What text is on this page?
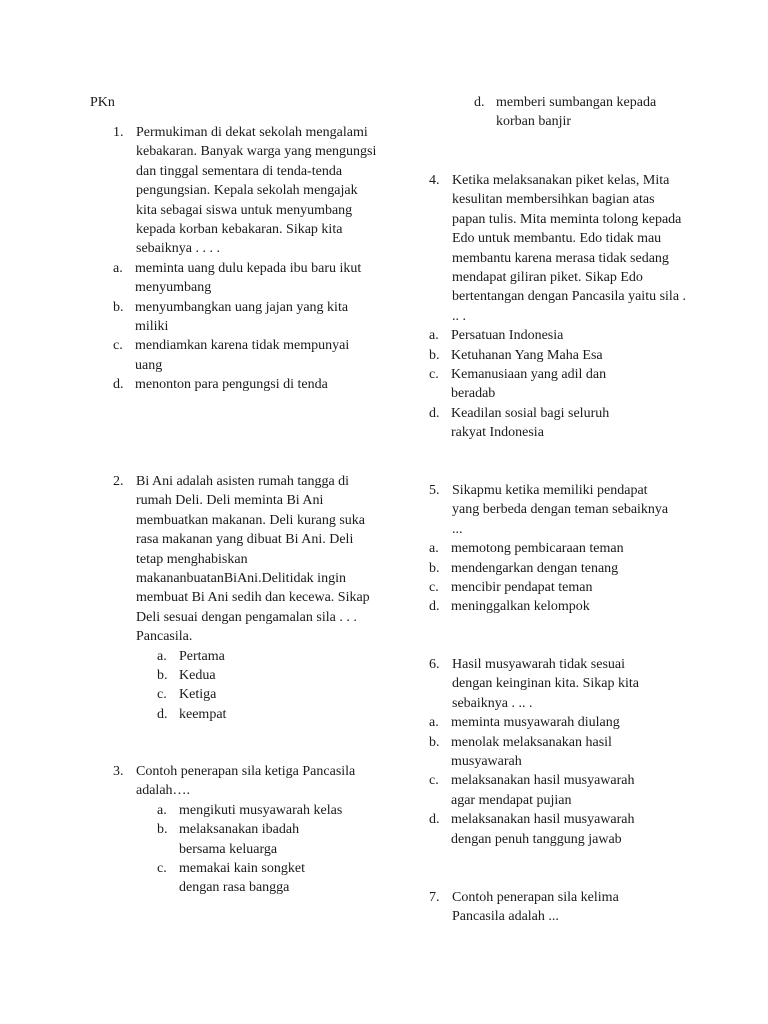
PKn
1. Permukiman di dekat sekolah mengalami kebakaran. Banyak warga yang mengungsi dan tinggal sementara di tenda-tenda pengungsian. Kepala sekolah mengajak kita sebagai siswa untuk menyumbang kepada korban kebakaran. Sikap kita sebaiknya . . . .
a. meminta uang dulu kepada ibu baru ikut menyumbang
b. menyumbangkan uang jajan yang kita miliki
c. mendiamkan karena tidak mempunyai uang
d. menonton para pengungsi di tenda
2. Bi Ani adalah asisten rumah tangga di rumah Deli. Deli meminta Bi Ani membuatkan makanan. Deli kurang suka rasa makanan yang dibuat Bi Ani. Deli tetap menghabiskan makananbuatanBiAni.Delitidak ingin membuat Bi Ani sedih dan kecewa. Sikap Deli sesuai dengan pengamalan sila . . . Pancasila.
a. Pertama
b. Kedua
c. Ketiga
d. keempat
3. Contoh penerapan sila ketiga Pancasila adalah….
a. mengikuti musyawarah kelas
b. melaksanakan ibadah bersama keluarga
c. memakai kain songket dengan rasa bangga
d. memberi sumbangan kepada korban banjir
4. Ketika melaksanakan piket kelas, Mita kesulitan membersihkan bagian atas papan tulis. Mita meminta tolong kepada Edo untuk membantu. Edo tidak mau membantu karena merasa tidak sedang mendapat giliran piket. Sikap Edo bertentangan dengan Pancasila yaitu sila . .. .
a. Persatuan Indonesia
b. Ketuhanan Yang Maha Esa
c. Kemanusiaan yang adil dan beradab
d. Keadilan sosial bagi seluruh rakyat Indonesia
5. Sikapmu ketika memiliki pendapat yang berbeda dengan teman sebaiknya ...
a. memotong pembicaraan teman
b. mendengarkan dengan tenang
c. mencibir pendapat teman
d. meninggalkan kelompok
6. Hasil musyawarah tidak sesuai dengan keinginan kita. Sikap kita sebaiknya . .. .
a. meminta musyawarah diulang
b. menolak melaksanakan hasil musyawarah
c. melaksanakan hasil musyawarah agar mendapat pujian
d. melaksanakan hasil musyawarah dengan penuh tanggung jawab
7. Contoh penerapan sila kelima Pancasila adalah ...
